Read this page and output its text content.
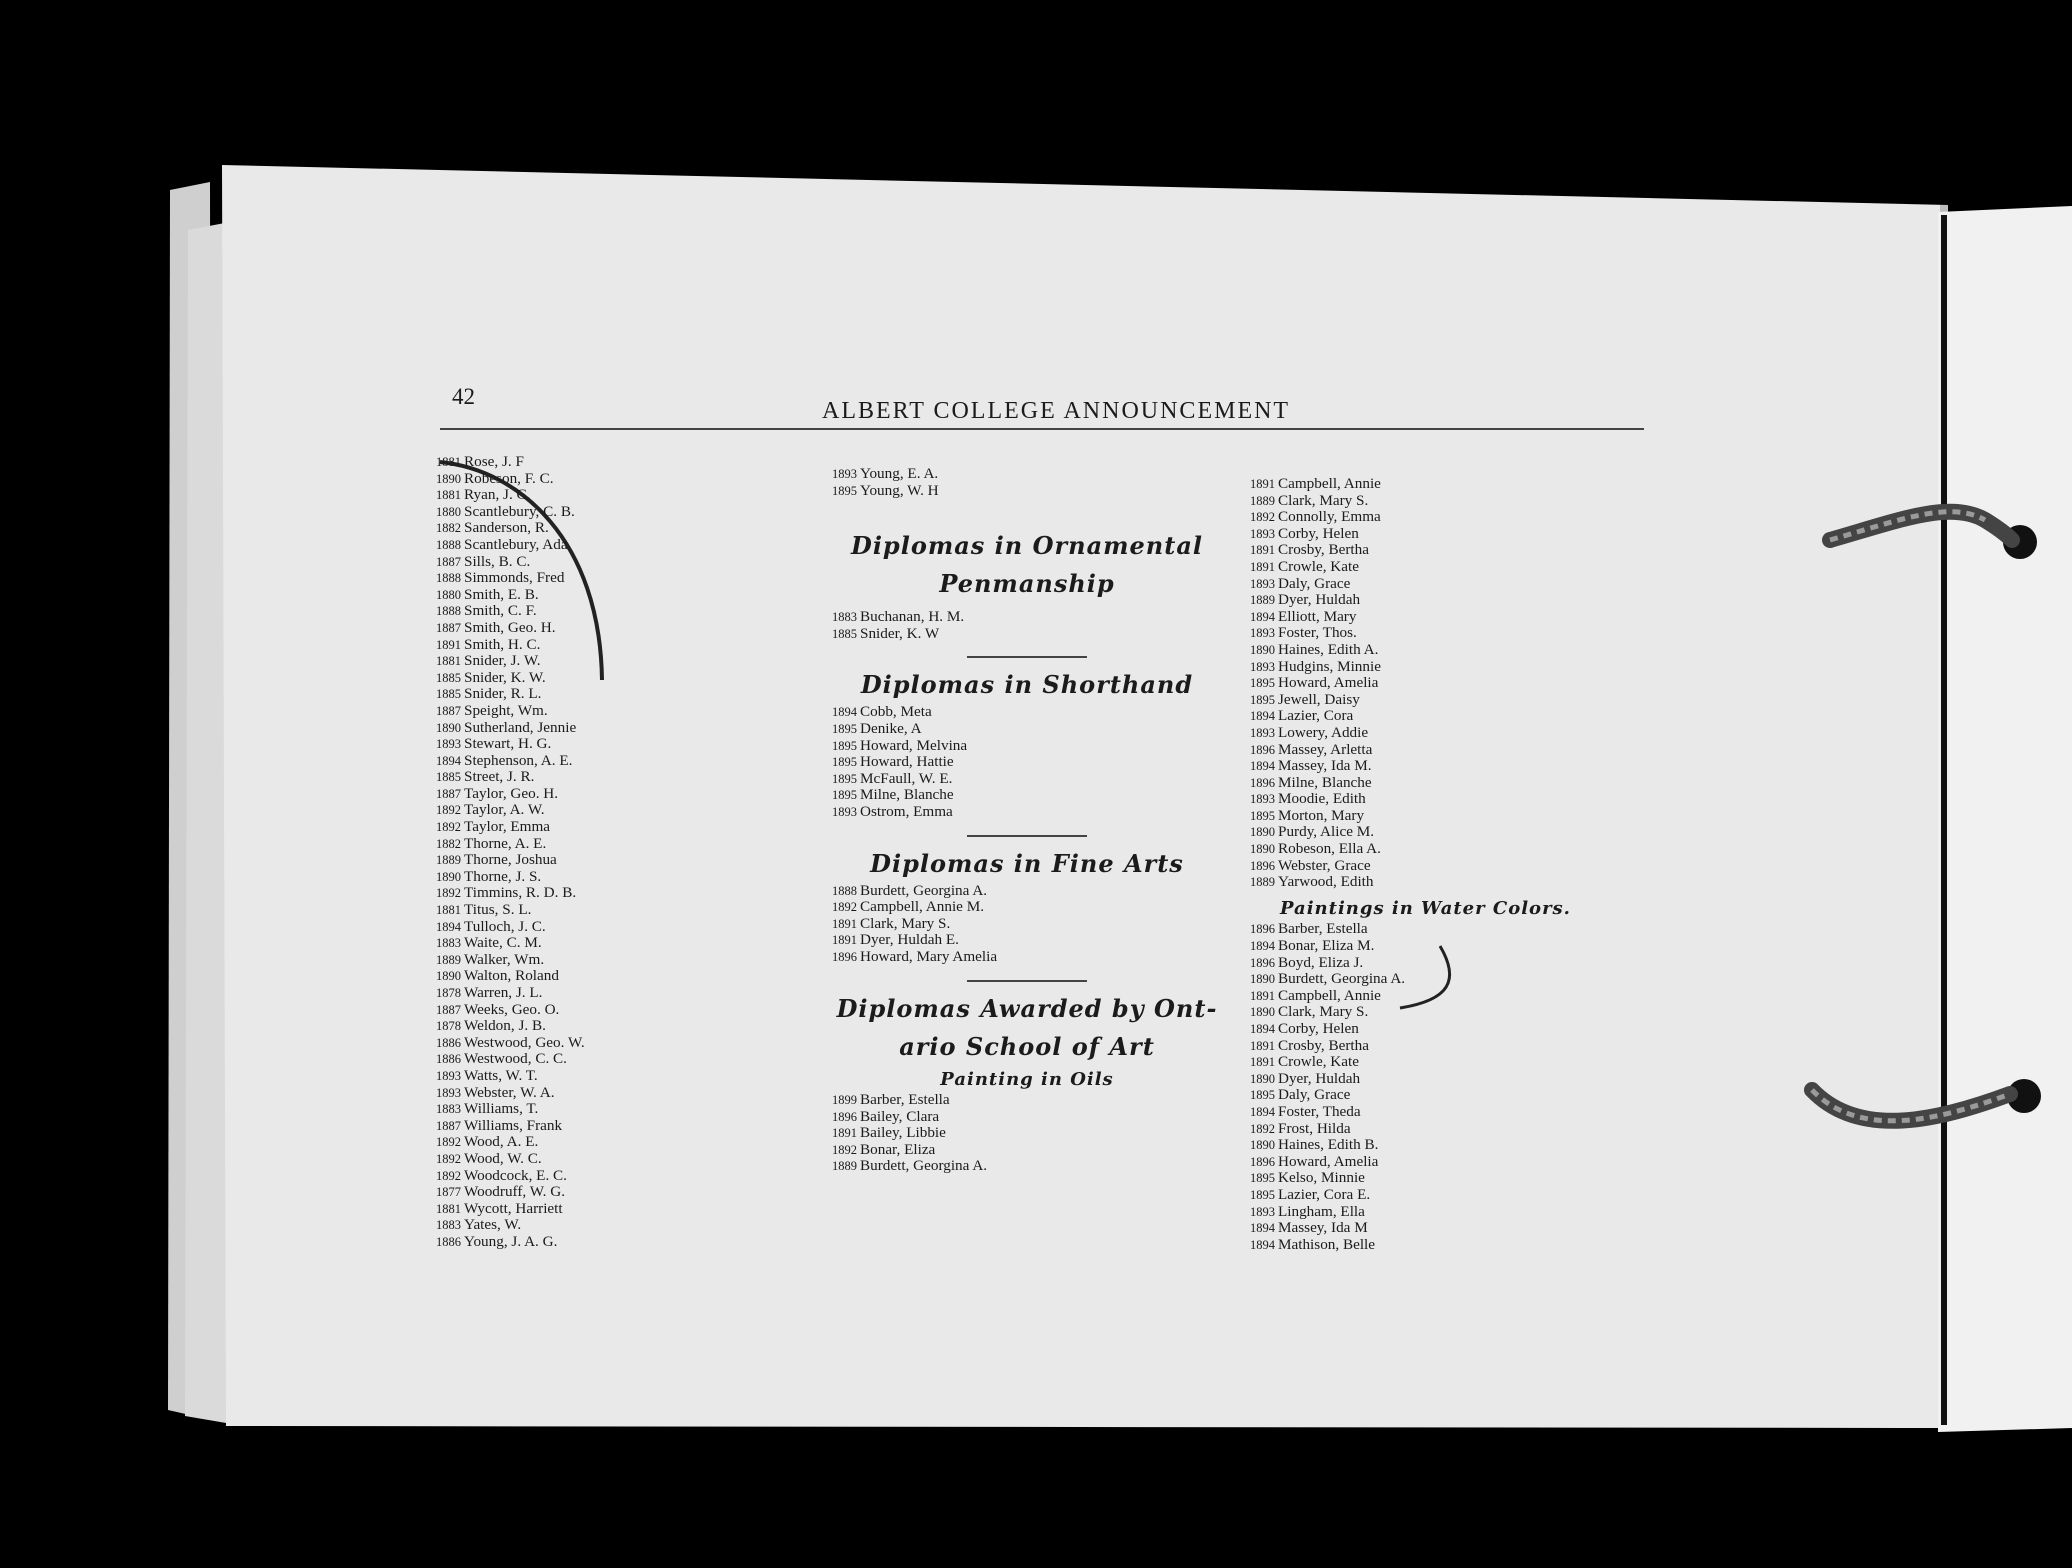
42
ALBERT COLLEGE ANNOUNCEMENT
1881 Rose, J. F
1890 Robeson, F. C.
1881 Ryan, J. C.
1880 Scantlebury, C. B.
1882 Sanderson, R.
1888 Scantlebury, Ada
1887 Sills, B. C.
1888 Simmonds, Fred
1880 Smith, E. B.
1888 Smith, C. F.
1887 Smith, Geo. H.
1891 Smith, H. C.
1881 Snider, J. W.
1885 Snider, K. W.
1885 Snider, R. L.
1887 Speight, Wm.
1890 Sutherland, Jennie
1893 Stewart, H. G.
1894 Stephenson, A. E.
1885 Street, J. R.
1887 Taylor, Geo. H.
1892 Taylor, A. W.
1892 Taylor, Emma
1882 Thorne, A. E.
1889 Thorne, Joshua
1890 Thorne, J. S.
1892 Timmins, R. D. B.
1881 Titus, S. L.
1894 Tulloch, J. C.
1883 Waite, C. M.
1889 Walker, Wm.
1890 Walton, Roland
1878 Warren, J. L.
1887 Weeks, Geo. O.
1878 Weldon, J. B.
1886 Westwood, Geo. W.
1886 Westwood, C. C.
1893 Watts, W. T.
1893 Webster, W. A.
1883 Williams, T.
1887 Williams, Frank
1892 Wood, A. E.
1892 Wood, W. C.
1892 Woodcock, E. C.
1877 Woodruff, W. G.
1881 Wycott, Harriett
1883 Yates, W.
1886 Young, J. A. G.
1893 Young, E. A.
1895 Young, W. H
Diplomas in Ornamental
Penmanship
1883 Buchanan, H. M.
1885 Snider, K. W
Diplomas in Shorthand
1894 Cobb, Meta
1895 Denike, A
1895 Howard, Melvina
1895 Howard, Hattie
1895 McFaull, W. E.
1895 Milne, Blanche
1893 Ostrom, Emma
Diplomas in Fine Arts
1888 Burdett, Georgina A.
1892 Campbell, Annie M.
1891 Clark, Mary S.
1891 Dyer, Huldah E.
1896 Howard, Mary Amelia
Diplomas Awarded by Ont-
ario School of Art
Painting in Oils
1899 Barber, Estella
1896 Bailey, Clara
1891 Bailey, Libbie
1892 Bonar, Eliza
1889 Burdett, Georgina A.
1891 Campbell, Annie
1889 Clark, Mary S.
1892 Connolly, Emma
1893 Corby, Helen
1891 Crosby, Bertha
1891 Crowle, Kate
1893 Daly, Grace
1889 Dyer, Huldah
1894 Elliott, Mary
1893 Foster, Thos.
1890 Haines, Edith A.
1893 Hudgins, Minnie
1895 Howard, Amelia
1895 Jewell, Daisy
1894 Lazier, Cora
1893 Lowery, Addie
1896 Massey, Arletta
1894 Massey, Ida M.
1896 Milne, Blanche
1893 Moodie, Edith
1895 Morton, Mary
1890 Purdy, Alice M.
1890 Robeson, Ella A.
1896 Webster, Grace
1889 Yarwood, Edith
Paintings in Water Colors.
1896 Barber, Estella
1894 Bonar, Eliza M.
1896 Boyd, Eliza J.
1890 Burdett, Georgina A.
1891 Campbell, Annie
1890 Clark, Mary S.
1894 Corby, Helen
1891 Crosby, Bertha
1891 Crowle, Kate
1890 Dyer, Huldah
1895 Daly, Grace
1894 Foster, Theda
1892 Frost, Hilda
1890 Haines, Edith B.
1896 Howard, Amelia
1895 Kelso, Minnie
1895 Lazier, Cora E.
1893 Lingham, Ella
1894 Massey, Ida M
1894 Mathison, Belle
